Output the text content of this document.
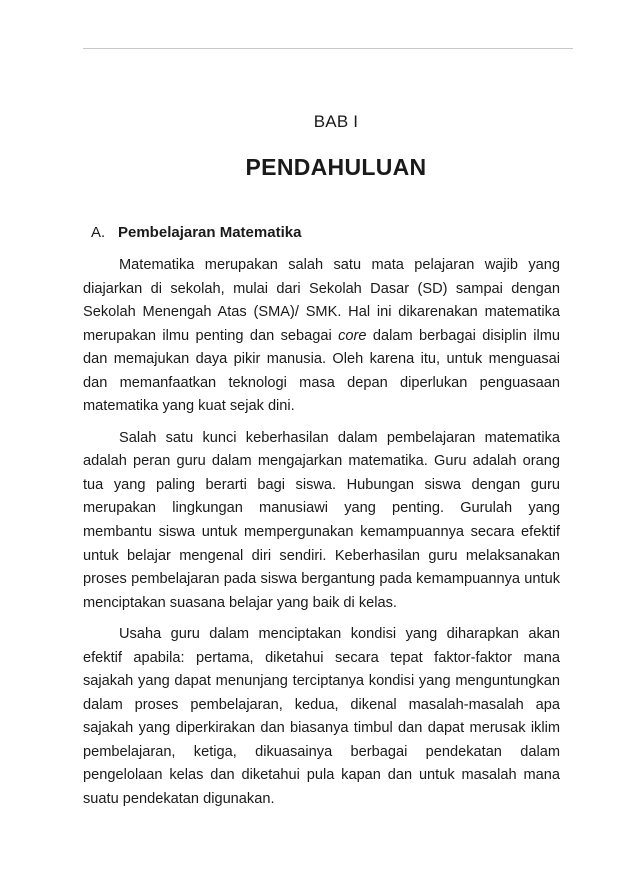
BAB I
PENDAHULUAN
A. Pembelajaran Matematika

Matematika merupakan salah satu mata pelajaran wajib yang diajarkan di sekolah, mulai dari Sekolah Dasar (SD) sampai dengan Sekolah Menengah Atas (SMA)/ SMK. Hal ini dikarenakan matematika merupakan ilmu penting dan sebagai core dalam berbagai disiplin ilmu dan memajukan daya pikir manusia. Oleh karena itu, untuk menguasai dan memanfaatkan teknologi masa depan diperlukan penguasaan matematika yang kuat sejak dini.

Salah satu kunci keberhasilan dalam pembelajaran matematika adalah peran guru dalam mengajarkan matematika. Guru adalah orang tua yang paling berarti bagi siswa. Hubungan siswa dengan guru merupakan lingkungan manusiawi yang penting. Gurulah yang membantu siswa untuk mempergunakan kemampuannya secara efektif untuk belajar mengenal diri sendiri. Keberhasilan guru melaksanakan proses pembelajaran pada siswa bergantung pada kemampuannya untuk menciptakan suasana belajar yang baik di kelas.

Usaha guru dalam menciptakan kondisi yang diharapkan akan efektif apabila: pertama, diketahui secara tepat faktor-faktor mana sajakah yang dapat menunjang terciptanya kondisi yang menguntungkan dalam proses pembelajaran, kedua, dikenal masalah-masalah apa sajakah yang diperkirakan dan biasanya timbul dan dapat merusak iklim pembelajaran, ketiga, dikuasainya berbagai pendekatan dalam pengelolaan kelas dan diketahui pula kapan dan untuk masalah mana suatu pendekatan digunakan.
